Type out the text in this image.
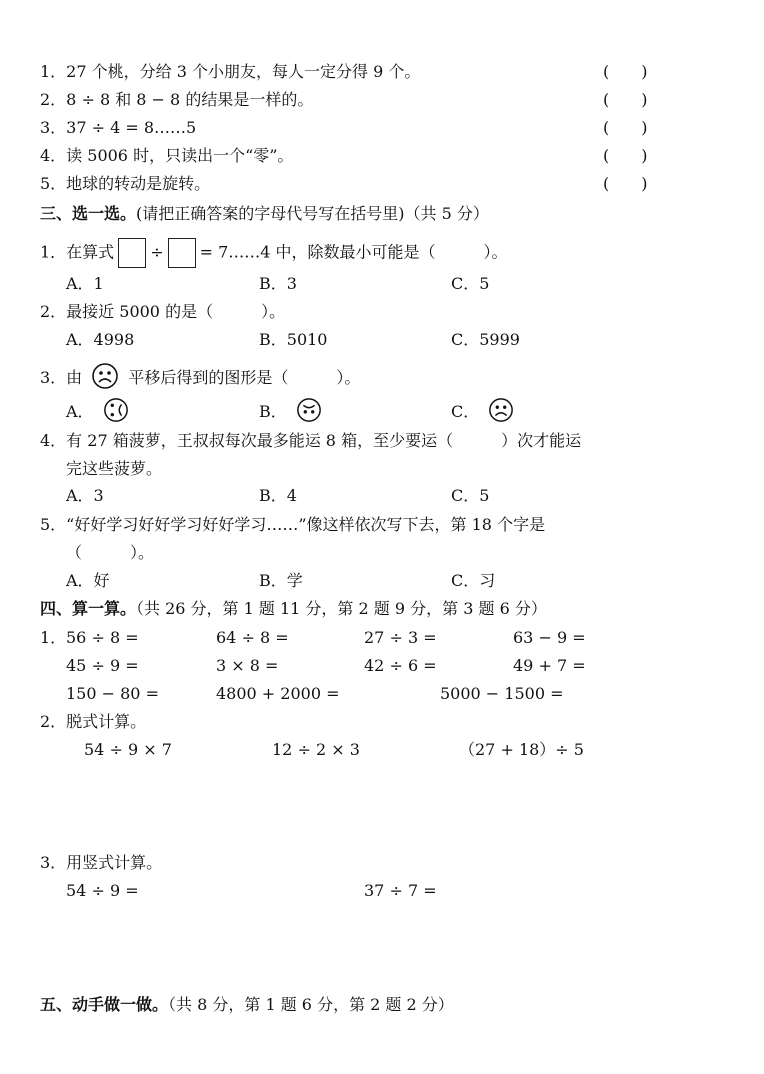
1．27 个桃，分给 3 个小朋友，每人一定分得 9 个。	(　　)
2．8 ÷ 8 和 8 − 8 的结果是一样的。	(　　)
3．37 ÷ 4 = 8……5	(　　)
4．读 5006 时，只读出一个“零”。	(　　)
5．地球的转动是旋转。	(　　)
三、选一选。(请把正确答案的字母代号写在括号里)（共 5 分）
1．在算式 ÷ = 7……4 中，除数最小可能是（　　　）。
A．1	B．3	C．5
2．最接近 5000 的是（　　　）。
A．4998	B．5010	C．5999
3．由	平移后得到的图形是（　　　）。
A．	B．	C．
4．有 27 箱菠萝，王叔叔每次最多能运 8 箱，至少要运（　　　）次才能运
完这些菠萝。
A．3	B．4	C．5
5．“好好学习好好学习好好学习……”像这样依次写下去，第 18 个字是
（　　　）。
A．好	B．学	C．习
四、算一算。（共 26 分，第 1 题 11 分，第 2 题 9 分，第 3 题 6 分）
1． 56 ÷ 8 =	64 ÷ 8 =	27 ÷ 3 =	63 − 9 =
45 ÷ 9 =	3 × 8 =	42 ÷ 6 =	49 + 7 =
150 − 80 =	4800 + 2000 =	5000 − 1500 =
2．脱式计算。
54 ÷ 9 × 7	12 ÷ 2 × 3	（27 + 18）÷ 5
3．用竖式计算。
54 ÷ 9 =	37 ÷ 7 =
五、动手做一做。（共 8 分，第 1 题 6 分，第 2 题 2 分）
